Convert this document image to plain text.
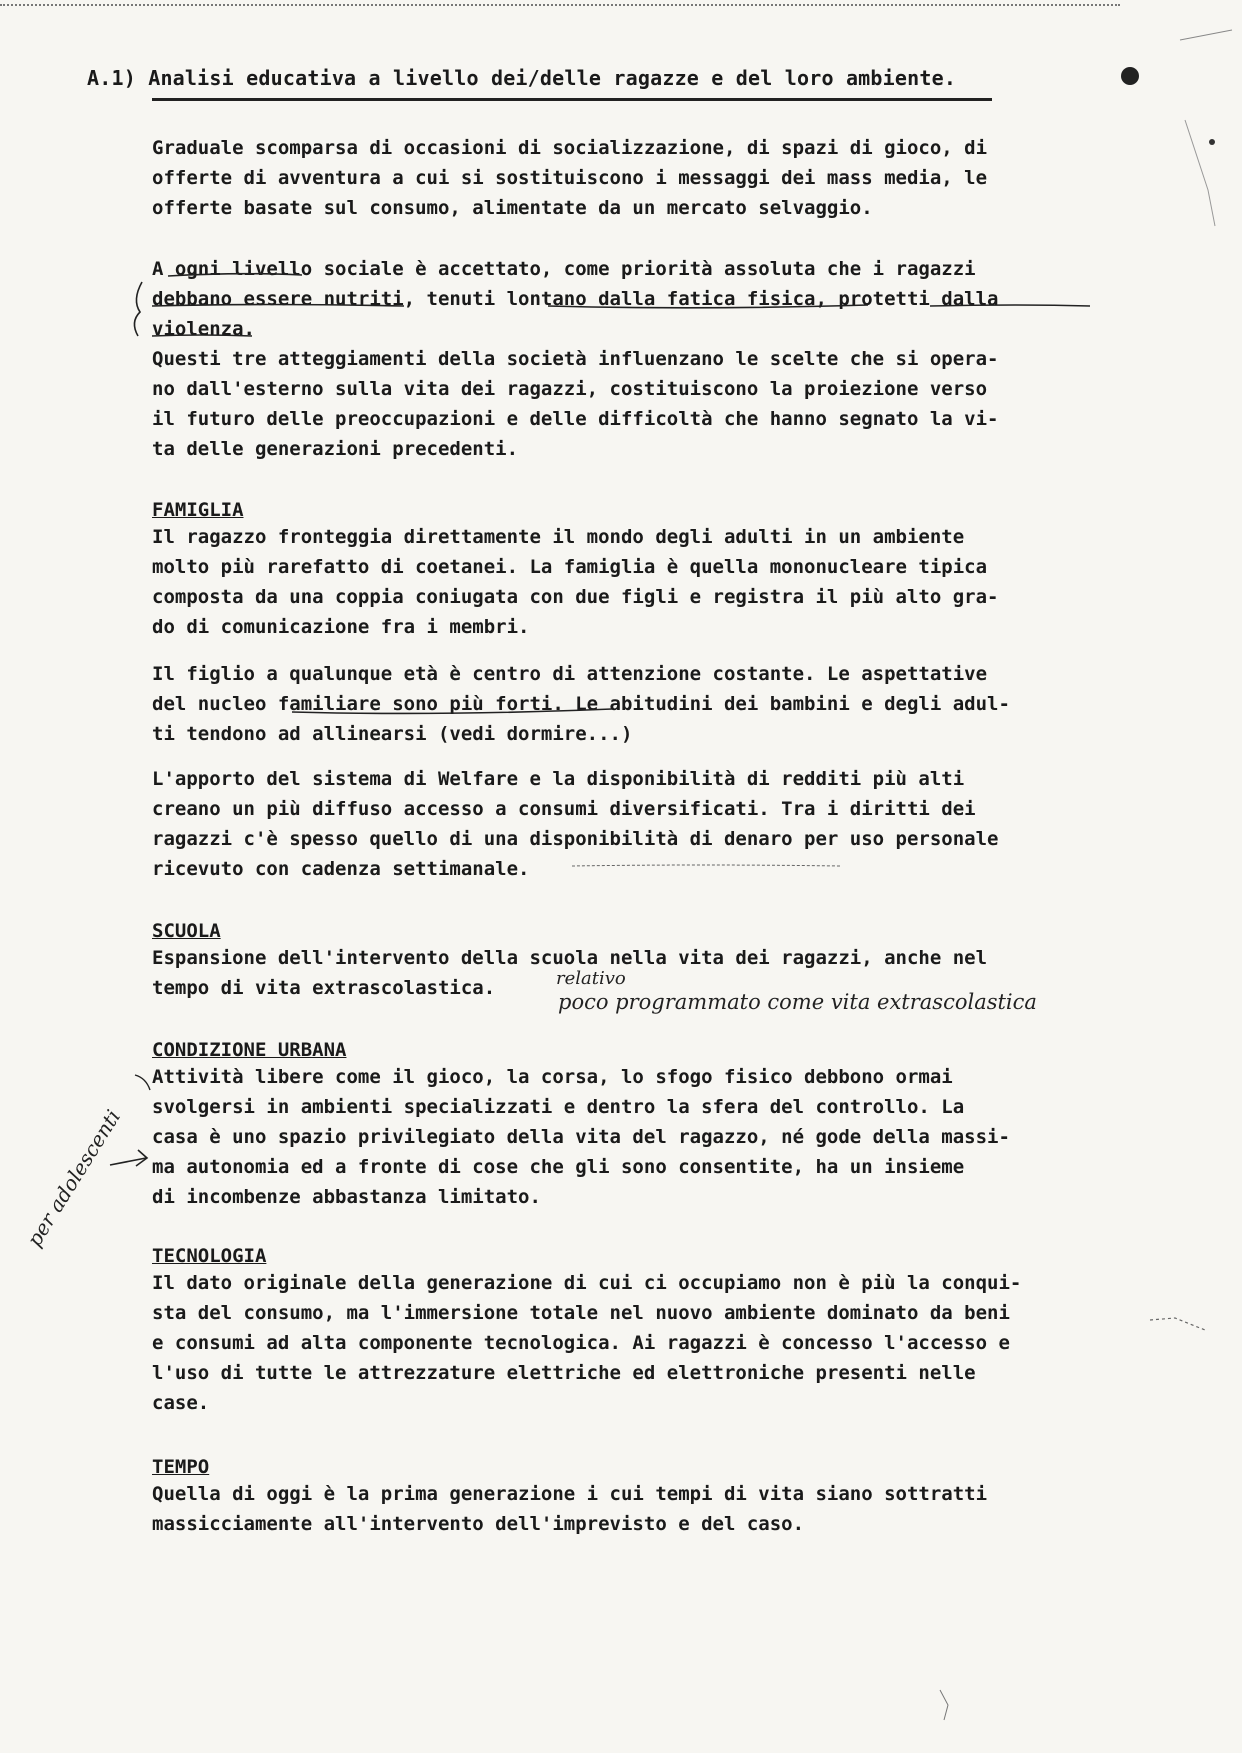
A.1) Analisi educativa a livello dei/delle ragazze e del loro ambiente.

Graduale scomparsa di occasioni di socializzazione, di spazi di gioco, di

offerte di avventura a cui si sostituiscono i messaggi dei mass media, le

offerte basate sul consumo, alimentate da un mercato selvaggio.

A ogni livello sociale è accettato, come priorità assoluta che i ragazzi

debbano essere nutriti, tenuti lontano dalla fatica fisica, protetti dalla

violenza.

Questi tre atteggiamenti della società influenzano le scelte che si opera-

no dall'esterno sulla vita dei ragazzi, costituiscono la proiezione verso

il futuro delle preoccupazioni e delle difficoltà che hanno segnato la vi-

ta delle generazioni precedenti.

FAMIGLIA

Il ragazzo fronteggia direttamente il mondo degli adulti in un ambiente

molto più rarefatto di coetanei. La famiglia è quella mononucleare tipica

composta da una coppia coniugata con due figli e registra il più alto gra-

do di comunicazione fra i membri.

Il figlio a qualunque età è centro di attenzione costante. Le aspettative

del nucleo familiare sono più forti. Le abitudini dei bambini e degli adul-

ti tendono ad allinearsi (vedi dormire...)

L'apporto del sistema di Welfare e la disponibilità di redditi più alti

creano un più diffuso accesso a consumi diversificati. Tra i diritti dei

ragazzi c'è spesso quello di una disponibilità di denaro per uso personale

ricevuto con cadenza settimanale.

SCUOLA

Espansione dell'intervento della scuola nella vita dei ragazzi, anche nel

tempo di vita extrascolastica.

CONDIZIONE URBANA

Attività libere come il gioco, la corsa, lo sfogo fisico debbono ormai

svolgersi in ambienti specializzati e dentro la sfera del controllo. La

casa è uno spazio privilegiato della vita del ragazzo, né gode della massi-

ma autonomia ed a fronte di cose che gli sono consentite, ha un insieme

di incombenze abbastanza limitato.

TECNOLOGIA

Il dato originale della generazione di cui ci occupiamo non è più la conqui-

sta del consumo, ma l'immersione totale nel nuovo ambiente dominato da beni

e consumi ad alta componente tecnologica. Ai ragazzi è concesso l'accesso e

l'uso di tutte le attrezzature elettriche ed elettroniche presenti nelle

case.

TEMPO

Quella di oggi è la prima generazione i cui tempi di vita siano sottratti

massicciamente all'intervento dell'imprevisto e del caso.

relativo
poco programmato come vita extrascolastica
per adolescenti
